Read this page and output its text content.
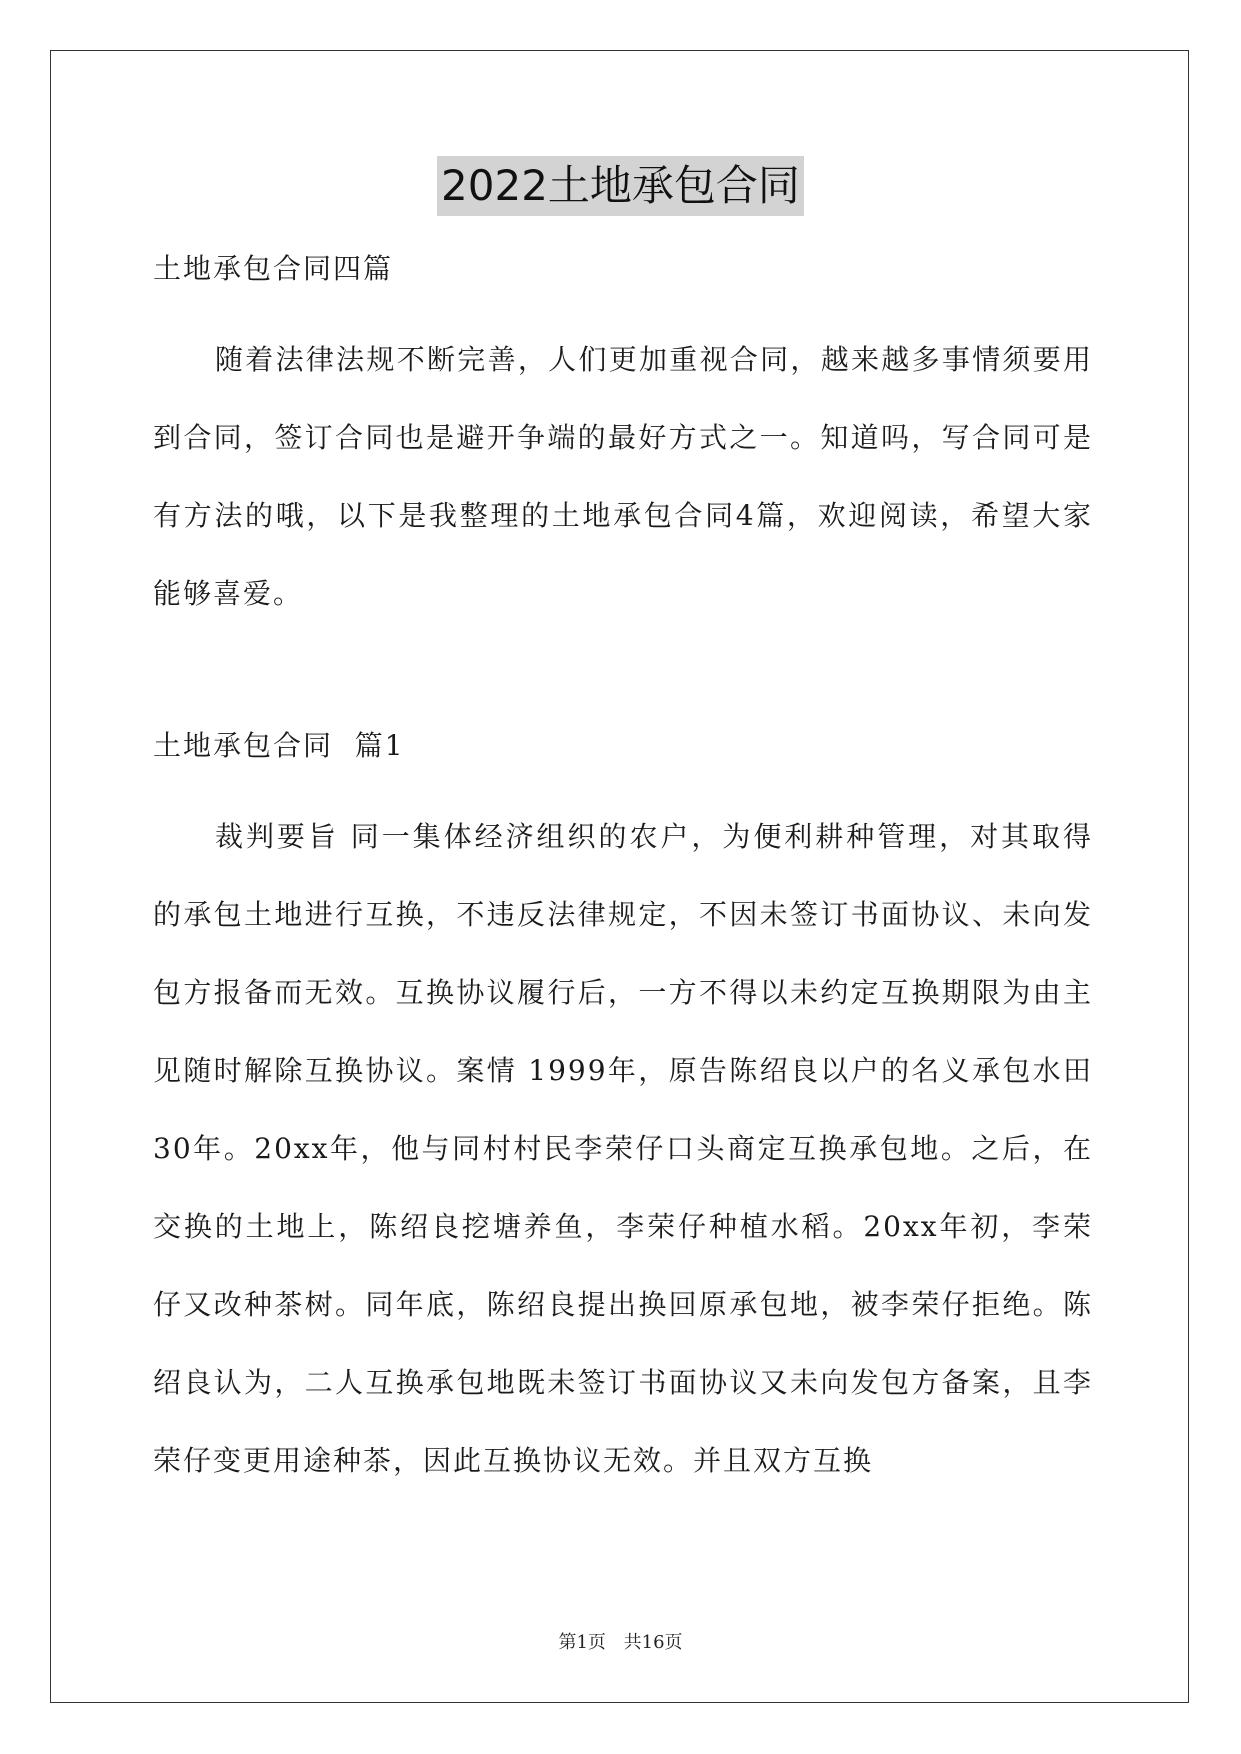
2022土地承包合同
土地承包合同四篇

随着法律法规不断完善，人们更加重视合同，越来越多事情须要用到合同，签订合同也是避开争端的最好方式之一。知道吗，写合同可是有方法的哦，以下是我整理的土地承包合同4篇，欢迎阅读，希望大家能够喜爱。

土地承包合同  篇1

裁判要旨 同一集体经济组织的农户，为便利耕种管理，对其取得的承包土地进行互换，不违反法律规定，不因未签订书面协议、未向发包方报备而无效。互换协议履行后，一方不得以未约定互换期限为由主见随时解除互换协议。案情 1999年，原告陈绍良以户的名义承包水田30年。20xx年，他与同村村民李荣仔口头商定互换承包地。之后，在交换的土地上，陈绍良挖塘养鱼，李荣仔种植水稻。20xx年初，李荣仔又改种茶树。同年底，陈绍良提出换回原承包地，被李荣仔拒绝。陈绍良认为，二人互换承包地既未签订书面协议又未向发包方备案，且李荣仔变更用途种茶，因此互换协议无效。并且双方互换

第1页 共16页
